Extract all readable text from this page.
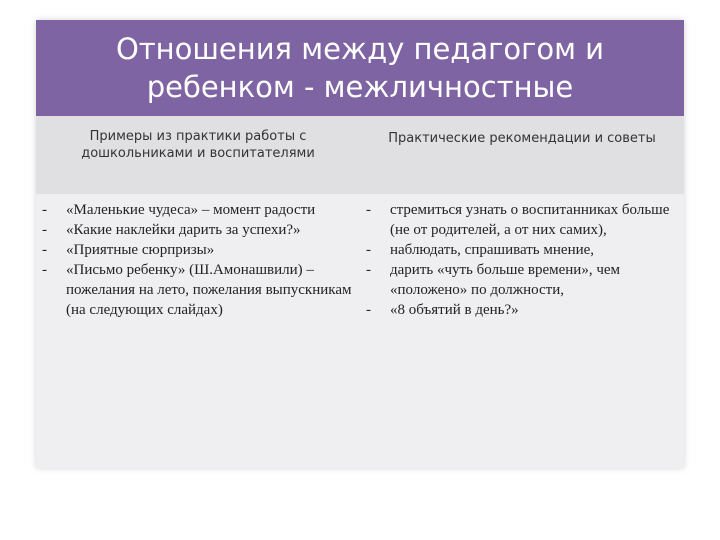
Отношения между педагогом и ребенком - межличностные
Примеры из практики работы с дошкольниками и воспитателями
Практические рекомендации и советы
- «Маленькие чудеса» – момент радости
- «Какие наклейки дарить за успехи?»
- «Приятные сюрпризы»
- «Письмо ребенку» (Ш.Амонашвили) – пожелания на лето, пожелания выпускникам (на следующих слайдах)
- стремиться узнать о воспитанниках больше (не от родителей, а от них самих),
- наблюдать, спрашивать мнение,
- дарить «чуть больше времени», чем «положено» по должности,
- «8 объятий в день?»
